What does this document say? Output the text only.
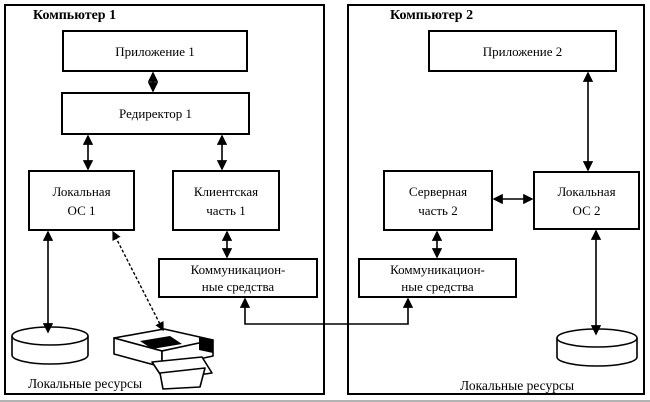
Компьютер 1	Компьютер 2
Приложение 1
Редиректор 1
Локальная
ОС 1
Клиентская
часть 1
Коммуникацион-
ные средства
Приложение 2
Серверная
часть 2
Локальная
ОС 2
Коммуникацион-
ные средства
Локальные ресурсы	Локальные ресурсы
